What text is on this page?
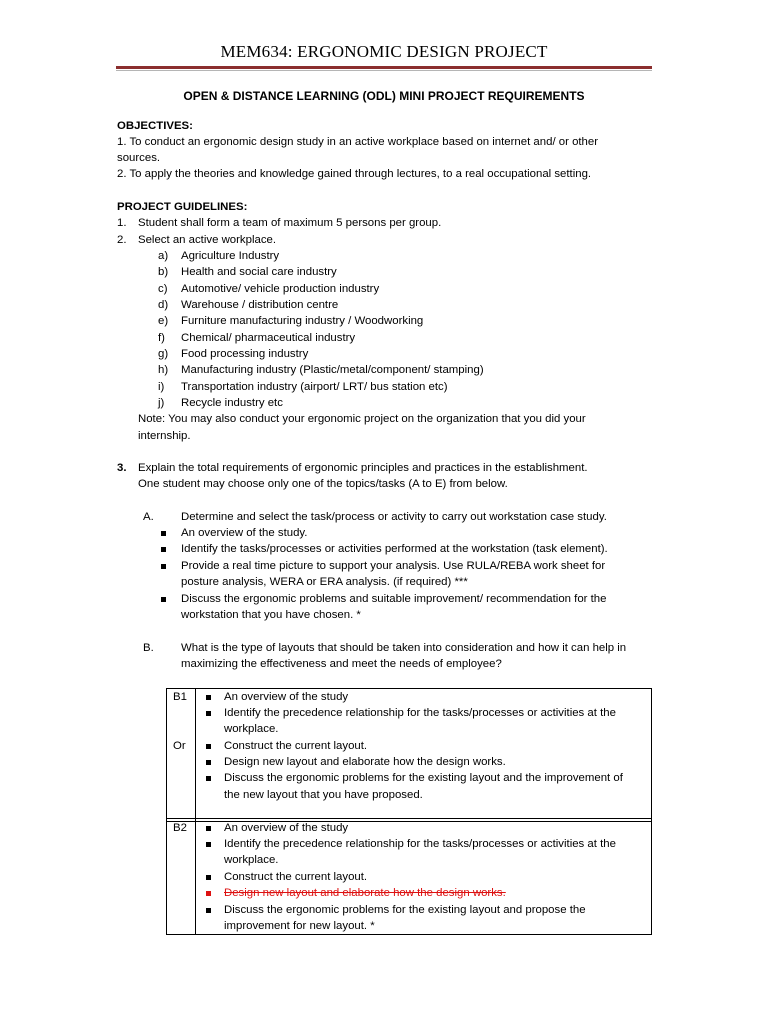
MEM634: ERGONOMIC DESIGN PROJECT
OPEN & DISTANCE LEARNING (ODL) MINI PROJECT REQUIREMENTS
OBJECTIVES:
1. To conduct an ergonomic design study in an active workplace based on internet and/ or other
sources.
2. To apply the theories and knowledge gained through lectures, to a real occupational setting.
PROJECT GUIDELINES:
1. Student shall form a team of maximum 5 persons per group.
2. Select an active workplace.
a) Agriculture Industry
b) Health and social care industry
c) Automotive/ vehicle production industry
d) Warehouse / distribution centre
e) Furniture manufacturing industry / Woodworking
f) Chemical/ pharmaceutical industry
g) Food processing industry
h) Manufacturing industry (Plastic/metal/component/ stamping)
i) Transportation industry (airport/ LRT/ bus station etc)
j) Recycle industry etc
Note: You may also conduct your ergonomic project on the organization that you did your
internship.
3. Explain the total requirements of ergonomic principles and practices in the establishment.
One student may choose only one of the topics/tasks (A to E) from below.
A. Determine and select the task/process or activity to carry out workstation case study.
An overview of the study.
Identify the tasks/processes or activities performed at the workstation (task element).
Provide a real time picture to support your analysis. Use RULA/REBA work sheet for
posture analysis, WERA or ERA analysis. (if required) ***
Discuss the ergonomic problems and suitable improvement/ recommendation for the
workstation that you have chosen. *
B. What is the type of layouts that should be taken into consideration and how it can help in
maximizing the effectiveness and meet the needs of employee?
B1
Or
An overview of the study
Identify the precedence relationship for the tasks/processes or activities at the
workplace.
Construct the current layout.
Design new layout and elaborate how the design works.
Discuss the ergonomic problems for the existing layout and the improvement of
the new layout that you have proposed.
B2	An overview of the study
Identify the precedence relationship for the tasks/processes or activities at the
workplace.
Construct the current layout.
Design new layout and elaborate how the design works.
Discuss the ergonomic problems for the existing layout and propose the
improvement for new layout. *
